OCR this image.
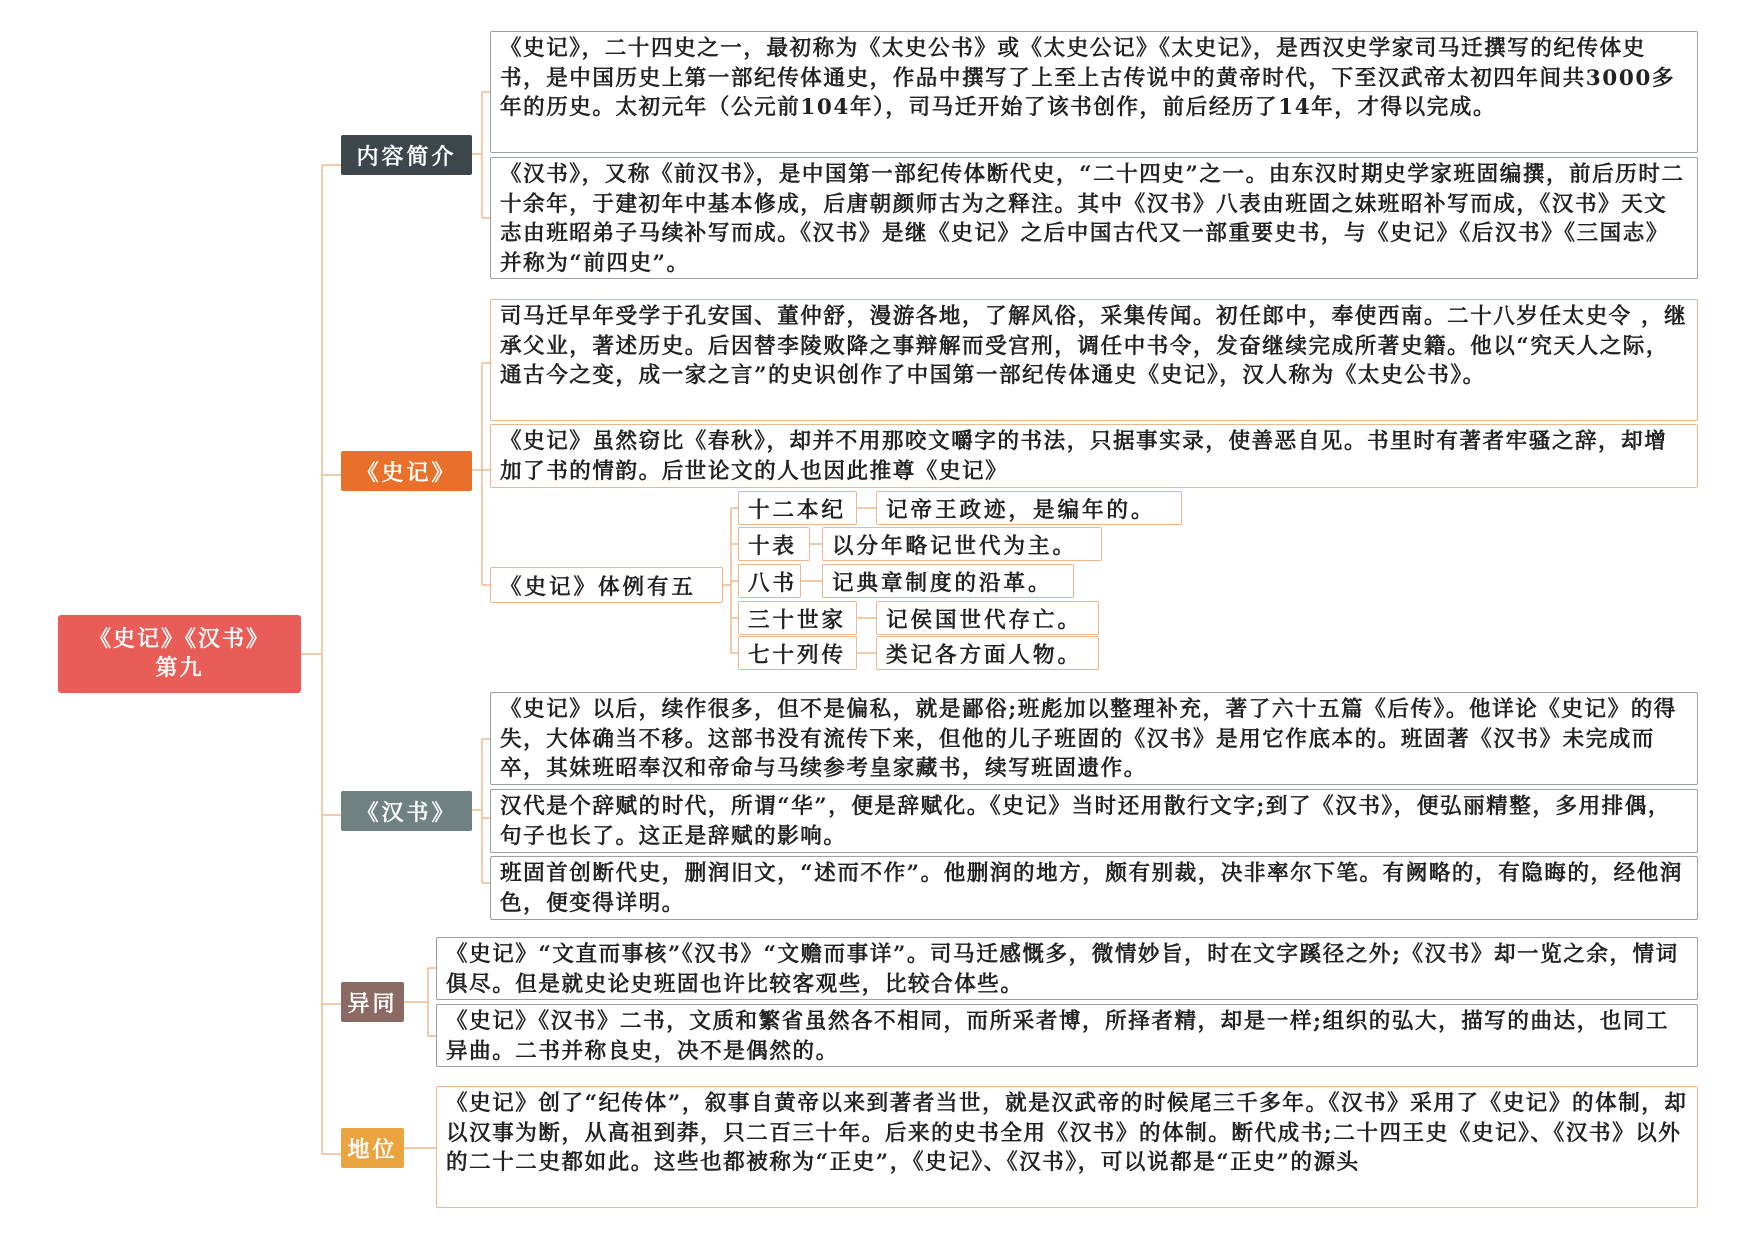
《史记》《汉书》
第九
内容简介
《史记》，二十四史之一，最初称为《太史公书》或《太史公记》《太史记》，是西汉史学家司马迁撰写的纪传体史书，是中国历史上第一部纪传体通史，作品中撰写了上至上古传说中的黄帝时代，下至汉武帝太初四年间共3000多年的历史。太初元年（公元前104年），司马迁开始了该书创作，前后经历了14年，才得以完成。
《汉书》，又称《前汉书》，是中国第一部纪传体断代史，“二十四史”之一。由东汉时期史学家班固编撰，前后历时二十余年，于建初年中基本修成，后唐朝颜师古为之释注。其中《汉书》八表由班固之妹班昭补写而成，《汉书》天文志由班昭弟子马续补写而成。《汉书》是继《史记》之后中国古代又一部重要史书，与《史记》《后汉书》《三国志》并称为“前四史”。
《史记》
司马迁早年受学于孔安国、董仲舒，漫游各地，了解风俗，采集传闻。初任郎中，奉使西南。二十八岁任太史令 ，继承父业，著述历史。后因替李陵败降之事辩解而受宫刑，调任中书令，发奋继续完成所著史籍。他以“究天人之际，通古今之变，成一家之言”的史识创作了中国第一部纪传体通史《史记》，汉人称为《太史公书》。
《史记》虽然窃比《春秋》，却并不用那咬文嚼字的书法，只据事实录，使善恶自见。书里时有著者牢骚之辞，却增加了书的情韵。后世论文的人也因此推尊《史记》
《史记》体例有五
十二本纪 记帝王政迹，是编年的。
十表 以分年略记世代为主。
八书 记典章制度的沿革。
三十世家 记侯国世代存亡。
七十列传 类记各方面人物。
《汉书》
《史记》以后，续作很多，但不是偏私，就是鄙俗;班彪加以整理补充，著了六十五篇《后传》。他详论《史记》的得失，大体确当不移。这部书没有流传下来，但他的儿子班固的《汉书》是用它作底本的。班固著《汉书》未完成而卒，其妹班昭奉汉和帝命与马续参考皇家藏书，续写班固遗作。
汉代是个辞赋的时代，所谓“华”，便是辞赋化。《史记》当时还用散行文字;到了《汉书》，便弘丽精整，多用排偶，句子也长了。这正是辞赋的影响。
班固首创断代史，删润旧文，“述而不作”。他删润的地方，颇有别裁，决非率尔下笔。有阙略的，有隐晦的，经他润色，便变得详明。
异同
《史记》“文直而事核”《汉书》“文赡而事详”。司马迁感慨多，微情妙旨，时在文字蹊径之外;《汉书》却一览之余，情词俱尽。但是就史论史班固也许比较客观些，比较合体些。
《史记》《汉书》二书，文质和繁省虽然各不相同，而所采者博，所择者精，却是一样;组织的弘大，描写的曲达，也同工异曲。二书并称良史，决不是偶然的。
地位
《史记》创了“纪传体”，叙事自黄帝以来到著者当世，就是汉武帝的时候尾三千多年。《汉书》采用了《史记》的体制，却以汉事为断，从高祖到莽，只二百三十年。后来的史书全用《汉书》的体制。断代成书;二十四王史《史记》、《汉书》以外的二十二史都如此。这些也都被称为“正史”，《史记》、《汉书》，可以说都是“正史”的源头
